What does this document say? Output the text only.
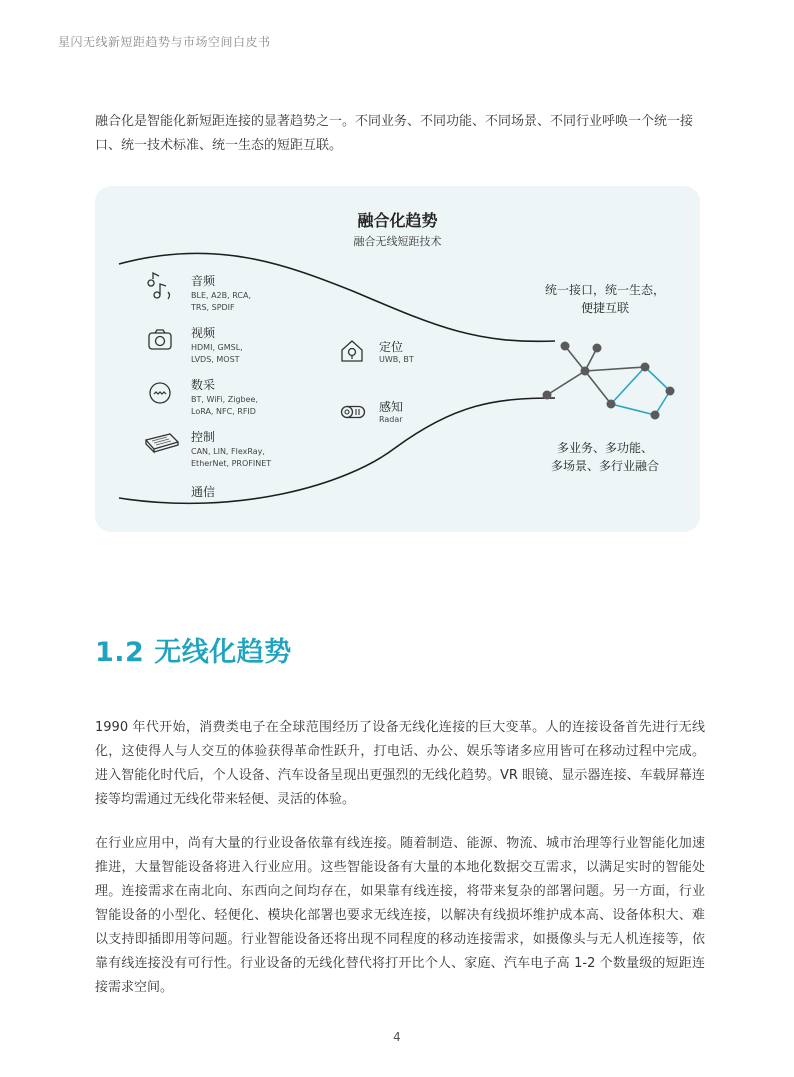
星闪无线新短距趋势与市场空间白皮书
融合化是智能化新短距连接的显著趋势之一。不同业务、不同功能、不同场景、不同行业呼唤一个统一接口、统一技术标准、统一生态的短距互联。
融合化趋势
融合无线短距技术
音频
BLE, A2B, RCA,
TRS, SPDIF
视频
HDMI, GMSL,
LVDS, MOST
数采
BT, WiFi, Zigbee,
LoRA, NFC, RFID
控制
CAN, LIN, FlexRay,
EtherNet, PROFINET
通信
定位
UWB, BT
感知
Radar
统一接口，统一生态，
便捷互联
多业务、多功能、
多场景、多行业融合
1.2 无线化趋势
1990 年代开始，消费类电子在全球范围经历了设备无线化连接的巨大变革。人的连接设备首先进行无线化，这使得人与人交互的体验获得革命性跃升，打电话、办公、娱乐等诸多应用皆可在移动过程中完成。进入智能化时代后，个人设备、汽车设备呈现出更强烈的无线化趋势。VR 眼镜、显示器连接、车载屏幕连接等均需通过无线化带来轻便、灵活的体验。
在行业应用中，尚有大量的行业设备依靠有线连接。随着制造、能源、物流、城市治理等行业智能化加速推进，大量智能设备将进入行业应用。这些智能设备有大量的本地化数据交互需求，以满足实时的智能处理。连接需求在南北向、东西向之间均存在，如果靠有线连接，将带来复杂的部署问题。另一方面，行业智能设备的小型化、轻便化、模块化部署也要求无线连接，以解决有线损坏维护成本高、设备体积大、难以支持即插即用等问题。行业智能设备还将出现不同程度的移动连接需求，如摄像头与无人机连接等，依靠有线连接没有可行性。行业设备的无线化替代将打开比个人、家庭、汽车电子高 1-2 个数量级的短距连接需求空间。
4
